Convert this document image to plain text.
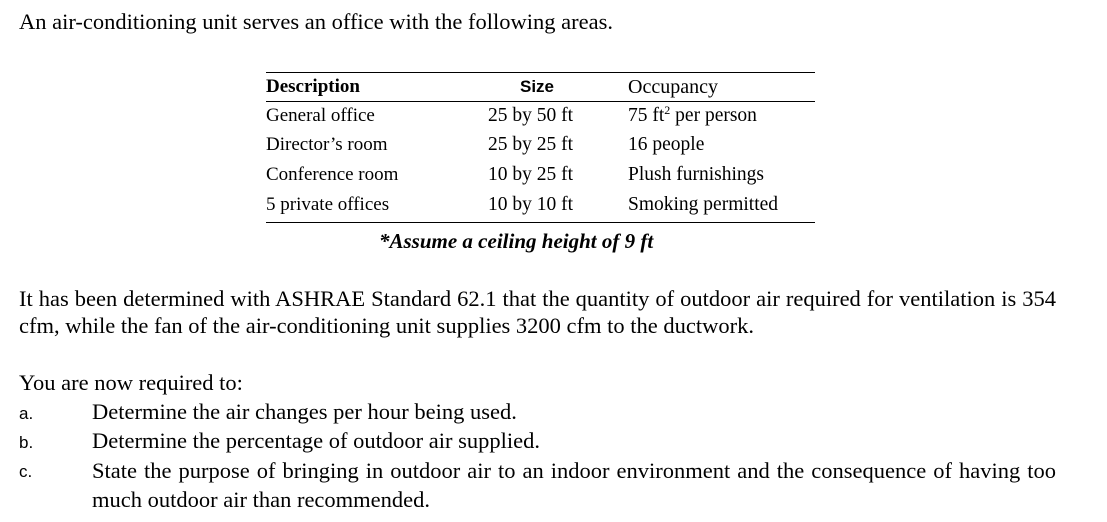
An air-conditioning unit serves an office with the following areas.

Description	Size	Occupancy
General office	25 by 50 ft	75 $ft^2$ per person
Director’s room	25 by 25 ft	16 people
Conference room	10 by 25 ft	Plush furnishings
5 private offices	10 by 10 ft	Smoking permitted
*Assume a ceiling height of 9 ft

It has been determined with ASHRAE Standard 62.1 that the quantity of outdoor air required for ventilation is 354 cfm, while the fan of the air-conditioning unit supplies 3200 cfm to the ductwork.

You are now required to:

a.	Determine the air changes per hour being used.
b.	Determine the percentage of outdoor air supplied.
c.	State the purpose of bringing in outdoor air to an indoor environment and the consequence of having too much outdoor air than recommended.
